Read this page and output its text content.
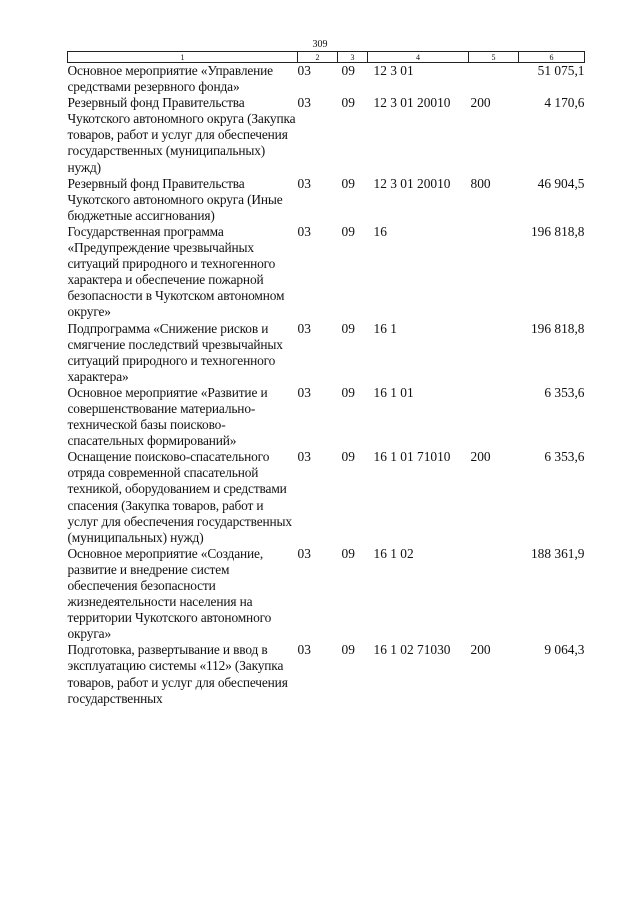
309
1	2	3	4	5	6
Основное мероприятие «Управление средствами резервного фонда»	03	09	12 3 01		51 075,1
Резервный фонд Правительства Чукотского автономного округа (Закупка товаров, работ и услуг для обеспечения государственных (муниципальных) нужд)	03	09	12 3 01 20010	200	4 170,6
Резервный фонд Правительства Чукотского автономного округа (Иные бюджетные ассигнования)	03	09	12 3 01 20010	800	46 904,5
Государственная программа «Предупреждение чрезвычайных ситуаций природного и техногенного характера и обеспечение пожарной безопасности в Чукотском автономном округе»	03	09	16		196 818,8
Подпрограмма «Снижение рисков и смягчение последствий чрезвычайных ситуаций природного и техногенного характера»	03	09	16 1		196 818,8
Основное мероприятие «Развитие и совершенствование материально-технической базы поисково-спасательных формирований»	03	09	16 1 01		6 353,6
Оснащение поисково-спасательного отряда современной спасательной техникой, оборудованием и средствами спасения (Закупка товаров, работ и услуг для обеспечения государственных (муниципальных) нужд)	03	09	16 1 01 71010	200	6 353,6
Основное мероприятие «Создание, развитие и внедрение систем обеспечения безопасности жизнедеятельности населения на территории Чукотского автономного округа»	03	09	16 1 02		188 361,9
Подготовка, развертывание и ввод в эксплуатацию системы «112» (Закупка товаров, работ и услуг для обеспечения государственных	03	09	16 1 02 71030	200	9 064,3
